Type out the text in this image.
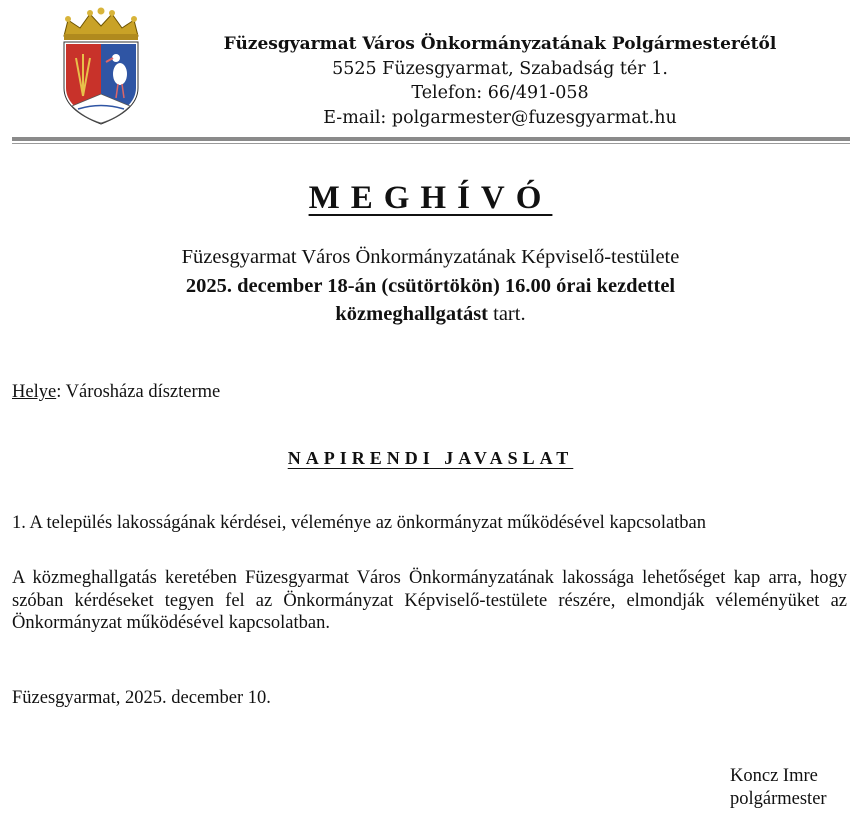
Füzesgyarmat Város Önkormányzatának Polgármesterétől
5525 Füzesgyarmat, Szabadság tér 1.
Telefon: 66/491-058
E-mail: polgarmester@fuzesgyarmat.hu
MEGHÍVÓ
Füzesgyarmat Város Önkormányzatának Képviselő-testülete
2025. december 18-án (csütörtökön) 16.00 órai kezdettel
közmeghallgatást tart.
Helye: Városháza díszterme
NAPIRENDI JAVASLAT
1. A település lakosságának kérdései, véleménye az önkormányzat működésével kapcsolatban
A közmeghallgatás keretében Füzesgyarmat Város Önkormányzatának lakossága lehetőséget kap arra, hogy szóban kérdéseket tegyen fel az Önkormányzat Képviselő-testülete részére, elmondják véleményüket az Önkormányzat működésével kapcsolatban.
Füzesgyarmat, 2025. december 10.
Koncz Imre
polgármester
